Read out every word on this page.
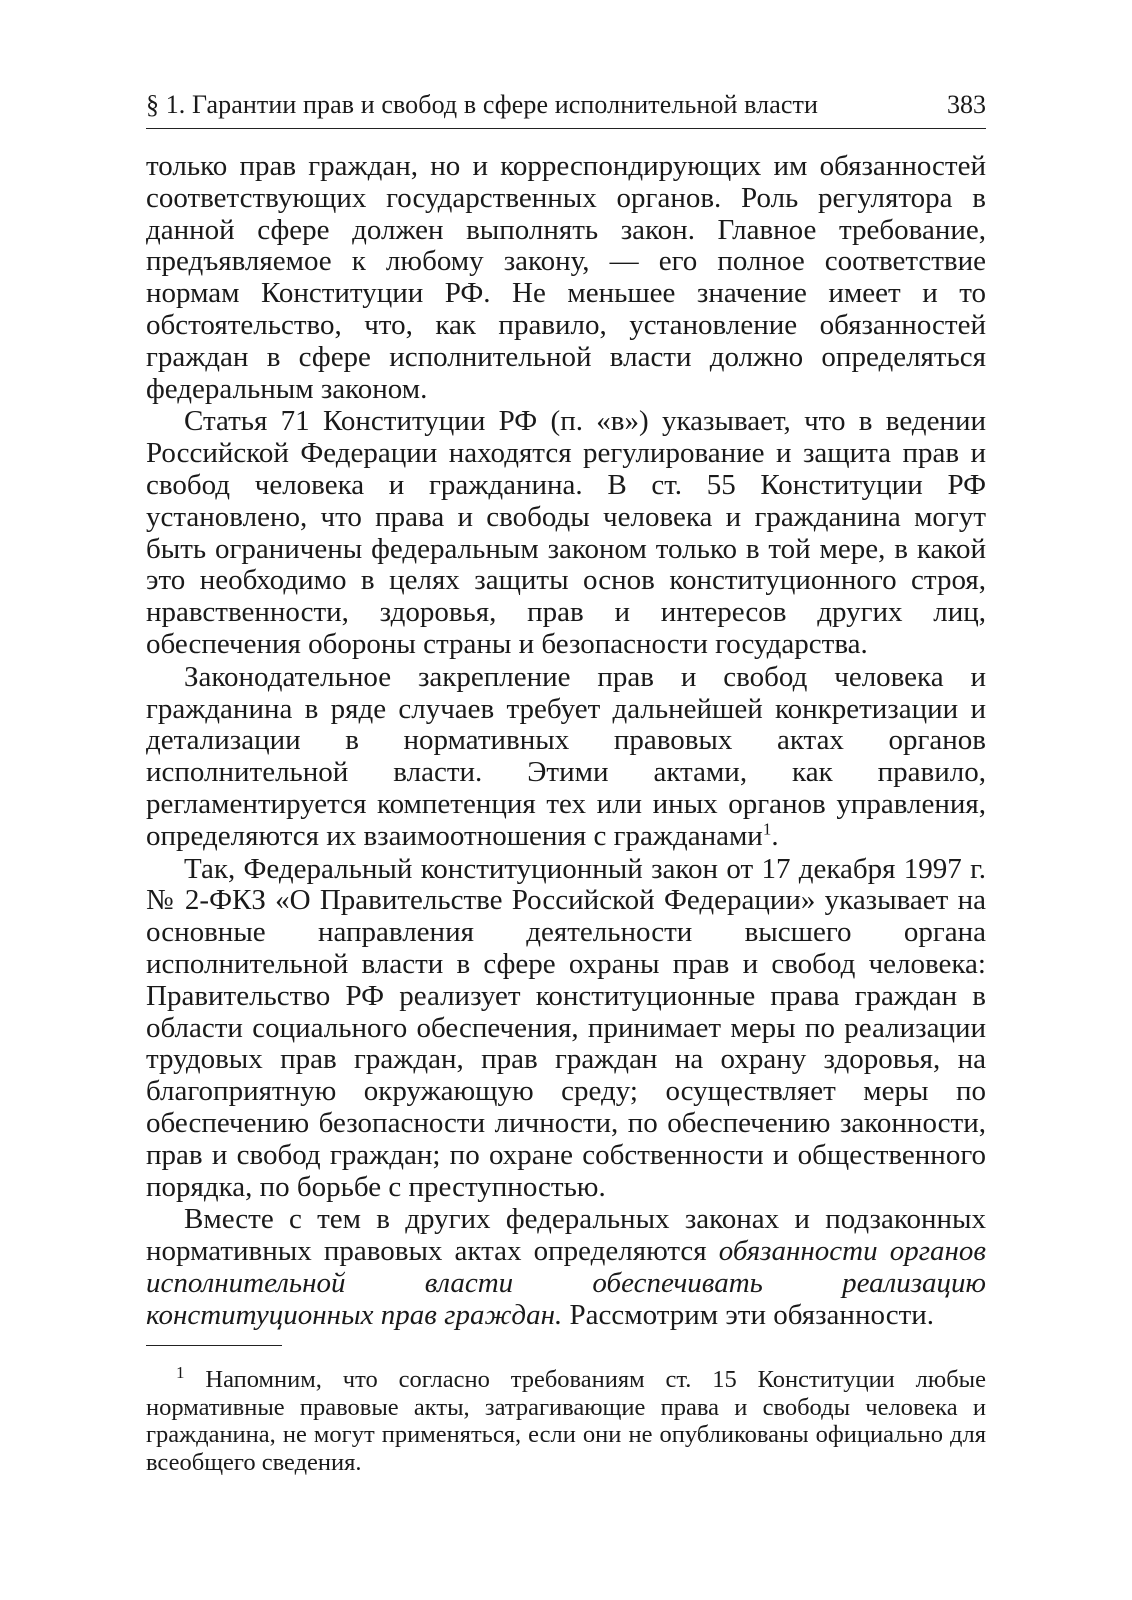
§ 1. Гарантии прав и свобод в сфере исполнительной власти	383

только прав граждан, но и корреспондирующих им обязанностей соответствующих государственных органов. Роль регулятора в данной сфере должен выполнять закон. Главное требование, предъявляемое к любому закону, — его полное соответствие нормам Конституции РФ. Не меньшее значение имеет и то обстоятельство, что, как правило, установление обязанностей граждан в сфере исполнительной власти должно определяться федеральным законом.

Статья 71 Конституции РФ (п. «в») указывает, что в ведении Российской Федерации находятся регулирование и защита прав и свобод человека и гражданина. В ст. 55 Конституции РФ установлено, что права и свободы человека и гражданина могут быть ограничены федеральным законом только в той мере, в какой это необходимо в целях защиты основ конституционного строя, нравственности, здоровья, прав и интересов других лиц, обеспечения обороны страны и безопасности государства.

Законодательное закрепление прав и свобод человека и гражданина в ряде случаев требует дальнейшей конкретизации и детализации в нормативных правовых актах органов исполнительной власти. Этими актами, как правило, регламентируется компетенция тех или иных органов управления, определяются их взаимоотношения с гражданами$^1$.

Так, Федеральный конституционный закон от 17 декабря 1997 г. № 2-ФКЗ «О Правительстве Российской Федерации» указывает на основные направления деятельности высшего органа исполнительной власти в сфере охраны прав и свобод человека: Правительство РФ реализует конституционные права граждан в области социального обеспечения, принимает меры по реализации трудовых прав граждан, прав граждан на охрану здоровья, на благоприятную окружающую среду; осуществляет меры по обеспечению безопасности личности, по обеспечению законности, прав и свобод граждан; по охране собственности и общественного порядка, по борьбе с преступностью.

Вместе с тем в других федеральных законах и подзаконных нормативных правовых актах определяются обязанности органов исполнительной власти обеспечивать реализацию конституционных прав граждан. Рассмотрим эти обязанности.

$^1$ Напомним, что согласно требованиям ст. 15 Конституции любые нормативные правовые акты, затрагивающие права и свободы человека и гражданина, не могут применяться, если они не опубликованы официально для всеобщего сведения.
